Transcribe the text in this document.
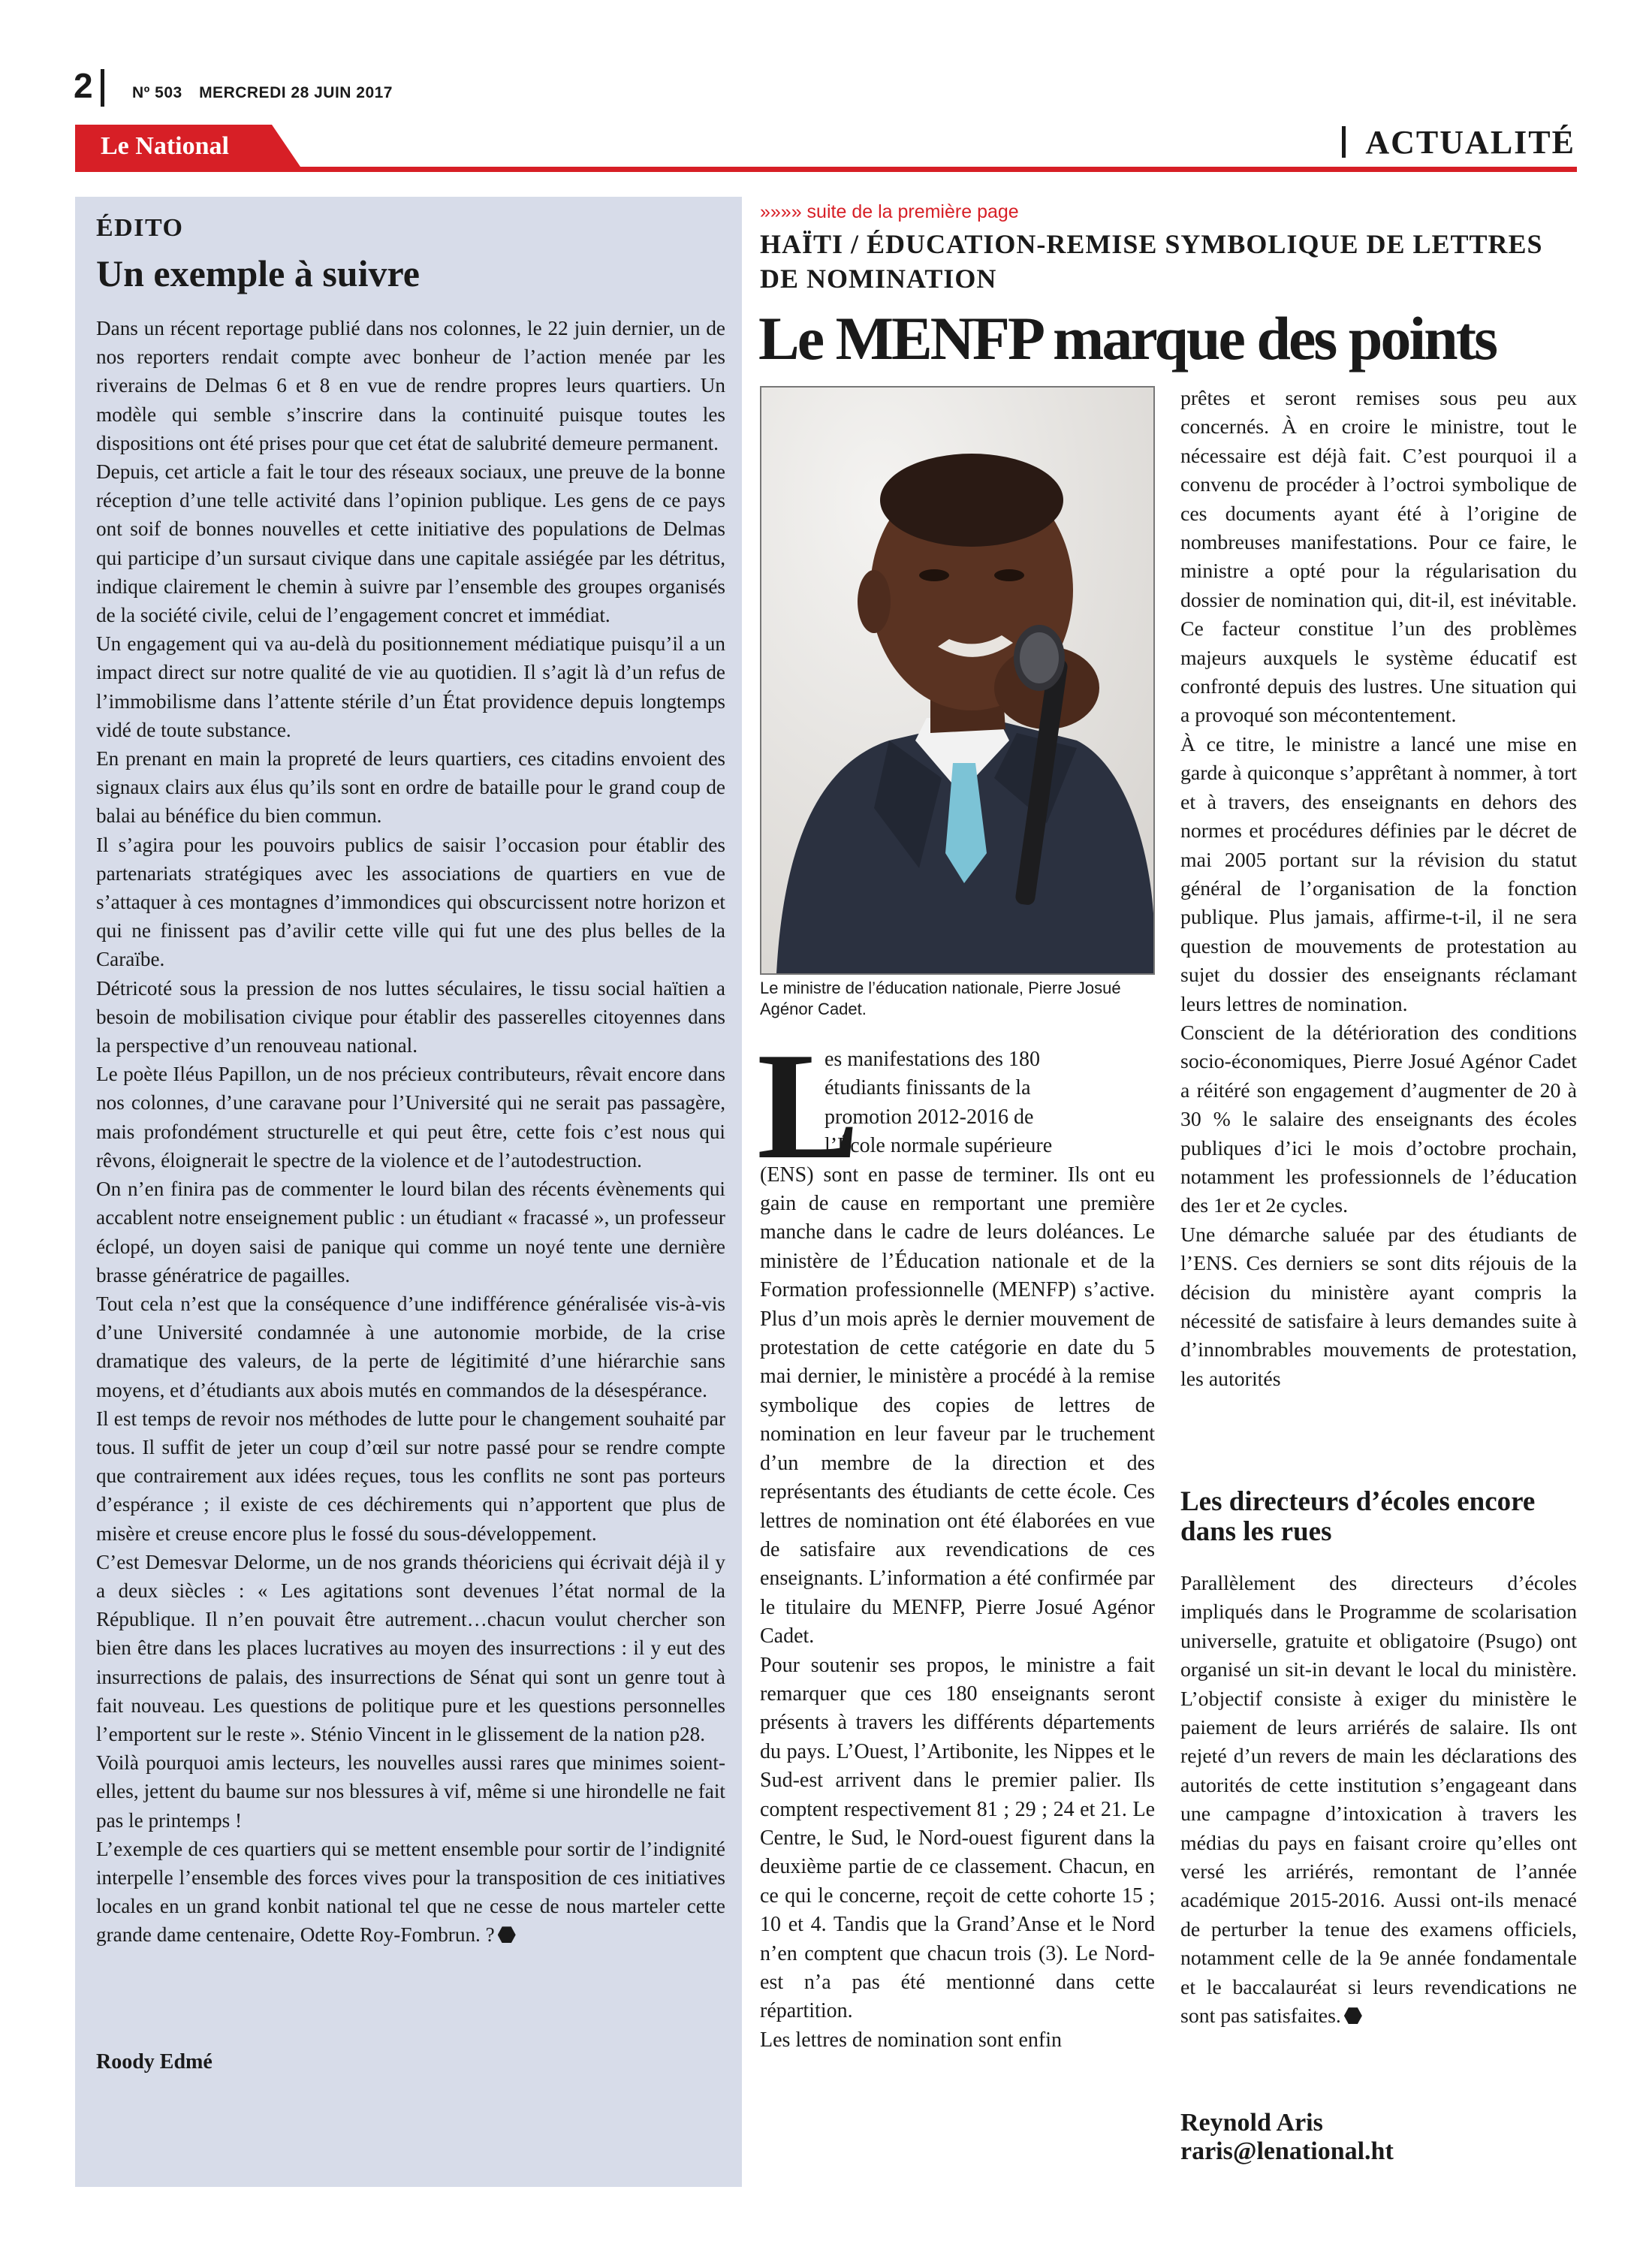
2 Nº 503 MERCREDI 28 JUIN 2017
Le National	ACTUALITÉ
ÉDITO
Un exemple à suivre

Dans un récent reportage publié dans nos colonnes, le 22 juin dernier, un de nos reporters rendait compte avec bonheur de l’action menée par les riverains de Delmas 6 et 8 en vue de rendre propres leurs quartiers. Un modèle qui semble s’inscrire dans la continuité puisque toutes les dispositions ont été prises pour que cet état de salubrité demeure permanent.

Depuis, cet article a fait le tour des réseaux sociaux, une preuve de la bonne réception d’une telle activité dans l’opinion publique. Les gens de ce pays ont soif de bonnes nouvelles et cette initiative des populations de Delmas qui participe d’un sursaut civique dans une capitale assiégée par les détritus, indique clairement le chemin à suivre par l’ensemble des groupes organisés de la société civile, celui de l’engagement concret et immédiat.

Un engagement qui va au-delà du positionnement médiatique puisqu’il a un impact direct sur notre qualité de vie au quotidien. Il s’agit là d’un refus de l’immobilisme dans l’attente stérile d’un État providence depuis longtemps vidé de toute substance.

En prenant en main la propreté de leurs quartiers, ces citadins envoient des signaux clairs aux élus qu’ils sont en ordre de bataille pour le grand coup de balai au bénéfice du bien commun.

Il s’agira pour les pouvoirs publics de saisir l’occasion pour établir des partenariats stratégiques avec les associations de quartiers en vue de s’attaquer à ces montagnes d’immondices qui obscurcissent notre horizon et qui ne finissent pas d’avilir cette ville qui fut une des plus belles de la Caraïbe.

Détricoté sous la pression de nos luttes séculaires, le tissu social haïtien a besoin de mobilisation civique pour établir des passerelles citoyennes dans la perspective d’un renouveau national.

Le poète Iléus Papillon, un de nos précieux contributeurs, rêvait encore dans nos colonnes, d’une caravane pour l’Université qui ne serait pas passagère, mais profondément structurelle et qui peut être, cette fois c’est nous qui rêvons, éloignerait le spectre de la violence et de l’autodestruction.

On n’en finira pas de commenter le lourd bilan des récents évènements qui accablent notre enseignement public : un étudiant « fracassé », un professeur éclopé, un doyen saisi de panique qui comme un noyé tente une dernière brasse génératrice de pagailles.

Tout cela n’est que la conséquence d’une indifférence généralisée vis-à-vis d’une Université condamnée à une autonomie morbide, de la crise dramatique des valeurs, de la perte de légitimité d’une hiérarchie sans moyens, et d’étudiants aux abois mutés en commandos de la désespérance.

Il est temps de revoir nos méthodes de lutte pour le changement souhaité par tous. Il suffit de jeter un coup d’œil sur notre passé pour se rendre compte que contrairement aux idées reçues, tous les conflits ne sont pas porteurs d’espérance ; il existe de ces déchirements qui n’apportent que plus de misère et creuse encore plus le fossé du sous-développement.

C’est Demesvar Delorme, un de nos grands théoriciens qui écrivait déjà il y a deux siècles : « Les agitations sont devenues l’état normal de la République. Il n’en pouvait être autrement…chacun voulut chercher son bien être dans les places lucratives au moyen des insurrections : il y eut des insurrections de palais, des insurrections de Sénat qui sont un genre tout à fait nouveau. Les questions de politique pure et les questions personnelles l’emportent sur le reste ». Sténio Vincent in le glissement de la nation p28.

Voilà pourquoi amis lecteurs, les nouvelles aussi rares que minimes soient-elles, jettent du baume sur nos blessures à vif, même si une hirondelle ne fait pas le printemps !

L’exemple de ces quartiers qui se mettent ensemble pour sortir de l’indignité interpelle l’ensemble des forces vives pour la transposition de ces initiatives locales en un grand konbit national tel que ne cesse de nous marteler cette grande dame centenaire, Odette Roy-Fombrun. ?

Roody Edmé
»»»» suite de la première page
HAÏTI / ÉDUCATION-REMISE SYMBOLIQUE DE LETTRES DE NOMINATION
Le MENFP marque des points
Le ministre de l’éducation nationale, Pierre Josué Agénor Cadet.
L

es manifestations des 180
étudiants finissants de la
promotion 2012-2016 de
l’École normale supérieure
(ENS) sont en passe de terminer. Ils ont eu gain de cause en remportant une première manche dans le cadre de leurs doléances. Le ministère de l’Éducation nationale et de la Formation professionnelle (MENFP) s’active. Plus d’un mois après le dernier mouvement de protestation de cette catégorie en date du 5 mai dernier, le ministère a procédé à la remise symbolique des copies de lettres de nomination en leur faveur par le truchement d’un membre de la direction et des représentants des étudiants de cette école. Ces lettres de nomination ont été élaborées en vue de satisfaire aux revendications de ces enseignants. L’information a été confirmée par le titulaire du MENFP, Pierre Josué Agénor Cadet.

Pour soutenir ses propos, le ministre a fait remarquer que ces 180 enseignants seront présents à travers les différents départements du pays. L’Ouest, l’Artibonite, les Nippes et le Sud-est arrivent dans le premier palier. Ils comptent respectivement 81 ; 29 ; 24 et 21. Le Centre, le Sud, le Nord-ouest figurent dans la deuxième partie de ce classement. Chacun, en ce qui le concerne, reçoit de cette cohorte 15 ; 10 et 4. Tandis que la Grand’Anse et le Nord n’en comptent que chacun trois (3). Le Nord-est n’a pas été mentionné dans cette répartition.

Les lettres de nomination sont enfin

prêtes et seront remises sous peu aux concernés. À en croire le ministre, tout le nécessaire est déjà fait. C’est pourquoi il a convenu de procéder à l’octroi symbolique de ces documents ayant été à l’origine de nombreuses manifestations. Pour ce faire, le ministre a opté pour la régularisation du dossier de nomination qui, dit-il, est inévitable. Ce facteur constitue l’un des problèmes majeurs auxquels le système éducatif est confronté depuis des lustres. Une situation qui a provoqué son mécontentement.

À ce titre, le ministre a lancé une mise en garde à quiconque s’apprêtant à nommer, à tort et à travers, des enseignants en dehors des normes et procédures définies par le décret de mai 2005 portant sur la révision du statut général de l’organisation de la fonction publique. Plus jamais, affirme-t-il, il ne sera question de mouvements de protestation au sujet du dossier des enseignants réclamant leurs lettres de nomination.

Conscient de la détérioration des conditions socio-économiques, Pierre Josué Agénor Cadet a réitéré son engagement d’augmenter de 20 à 30 % le salaire des enseignants des écoles publiques d’ici le mois d’octobre prochain, notamment les professionnels de l’éducation des 1er et 2e cycles.

Une démarche saluée par des étudiants de l’ENS. Ces derniers se sont dits réjouis de la décision du ministère ayant compris la nécessité de satisfaire à leurs demandes suite à d’innombrables mouvements de protestation, les autorités

Les directeurs d’écoles encore dans les rues

Parallèlement des directeurs d’écoles impliqués dans le Programme de scolarisation universelle, gratuite et obligatoire (Psugo) ont organisé un sit-in devant le local du ministère. L’objectif consiste à exiger du ministère le paiement de leurs arriérés de salaire. Ils ont rejeté d’un revers de main les déclarations des autorités de cette institution s’engageant dans une campagne d’intoxication à travers les médias du pays en faisant croire qu’elles ont versé les arriérés, remontant de l’année académique 2015-2016. Aussi ont-ils menacé de perturber la tenue des examens officiels, notamment celle de la 9e année fondamentale et le baccalauréat si leurs revendications ne sont pas satisfaites.

Reynold Aris
raris@lenational.ht
